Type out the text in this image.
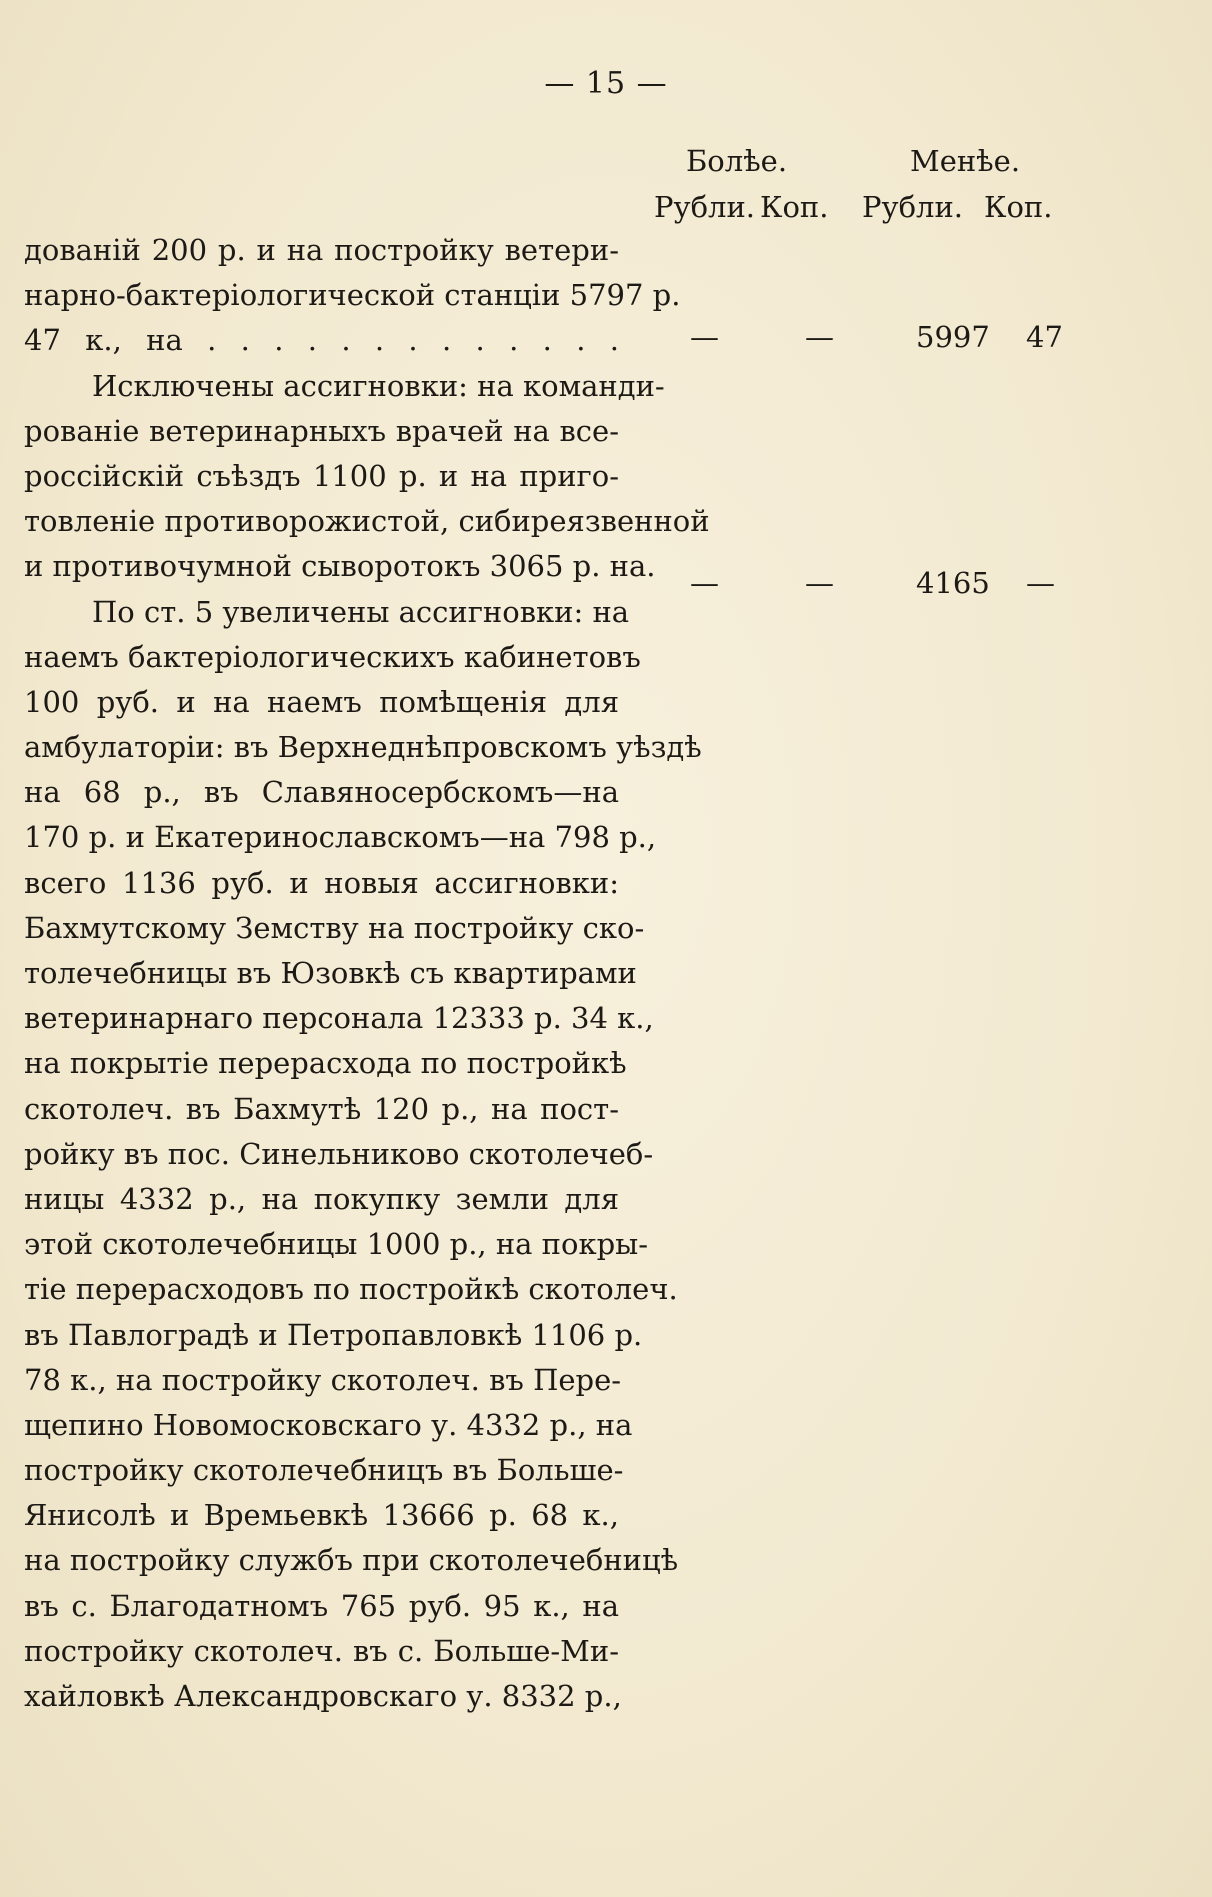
— 15 —
Болѣе.	Менѣе.
Рубли. Коп. Рубли. Коп.
дованій 200 р. и на постройку ветери-
нарно-бактеріологической станціи 5797 р.
47 к., на . . . . . . . . . . . . .
Исключены ассигновки: на команди-
рованіе ветеринарныхъ врачей на все-
россійскій съѣздъ 1100 р. и на приго-
товленіе противорожистой, сибиреязвенной
и противочумной сыворотокъ 3065 р. на.
По ст. 5 увеличены ассигновки: на
наемъ бактеріологическихъ кабинетовъ
100 руб. и на наемъ помѣщенія для
амбулаторіи: въ Верхнеднѣпровскомъ уѣздѣ
на 68 р., въ Славяносербскомъ—на
170 р. и Екатеринославскомъ—на 798 р.,
всего 1136 руб. и новыя ассигновки:
Бахмутскому Земству на постройку ско-
толечебницы въ Юзовкѣ съ квартирами
ветеринарнаго персонала 12333 р. 34 к.,
на покрытіе перерасхода по постройкѣ
скотолеч. въ Бахмутѣ 120 р., на пост-
ройку въ пос. Синельниково скотолечеб-
ницы 4332 р., на покупку земли для
этой скотолечебницы 1000 р., на покры-
тіе перерасходовъ по постройкѣ скотолеч.
въ Павлоградѣ и Петропавловкѣ 1106 р.
78 к., на постройку скотолеч. въ Пере-
щепино Новомосковскаго у. 4332 р., на
постройку скотолечебницъ въ Больше-
Янисолѣ и Времьевкѣ 13666 р. 68 к.,
на постройку службъ при скотолечебницѣ
въ с. Благодатномъ 765 руб. 95 к., на
постройку скотолеч. въ с. Больше-Ми-
хайловкѣ Александровскаго у. 8332 р.,
—	—	5997 47
—	—	4165 —
